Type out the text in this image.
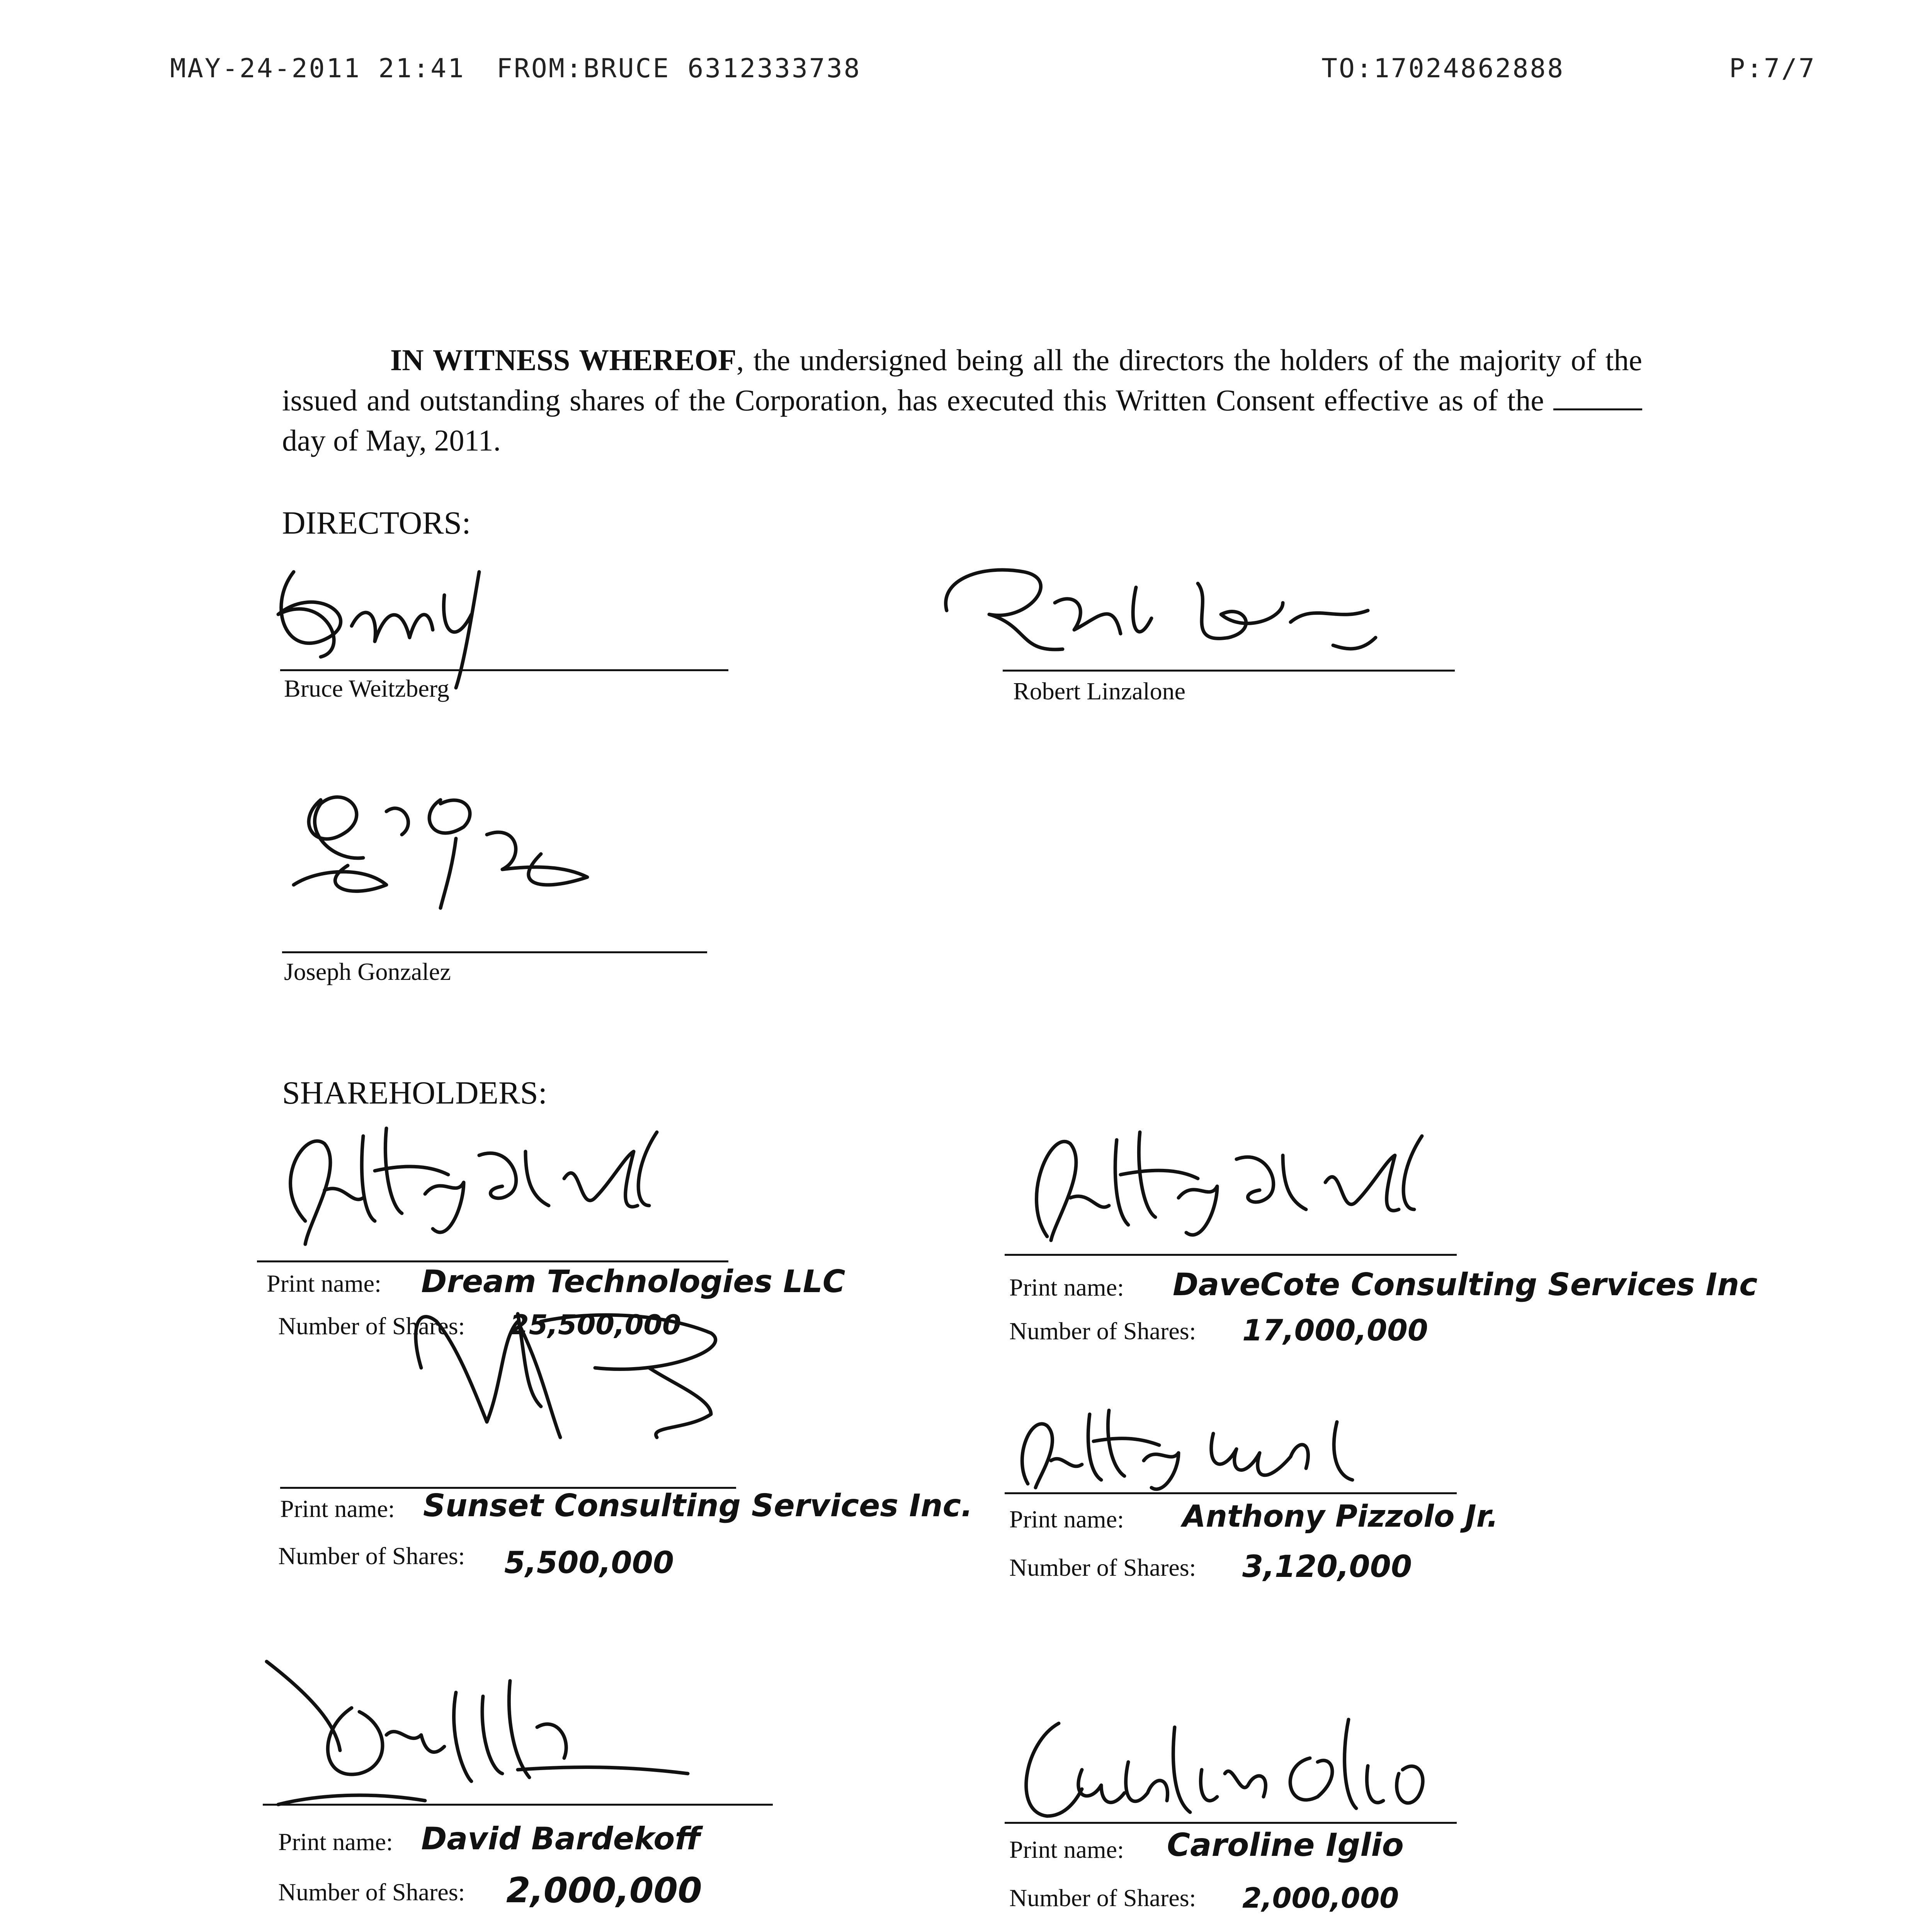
MAY-24-2011 21:41 FROM:BRUCE 6312333738	TO:17024862888	P:7/7
IN WITNESS WHEREOF, the undersigned being all the directors the holders of the majority of the issued and outstanding shares of the Corporation, has executed this Written Consent effective as of the day of May, 2011.
DIRECTORS:
Bruce Weitzberg	Robert Linzalone
Joseph Gonzalez
SHAREHOLDERS:
Print name: Dream Technologies LLC
Number of Shares: 25,500,000
Print name: DaveCote Consulting Services Inc
Number of Shares: 17,000,000
Print name: Sunset Consulting Services Inc.
Number of Shares: 5,500,000
Print name: Anthony Pizzolo Jr.
Number of Shares: 3,120,000
Print name: David Bardekoff
Number of Shares: 2,000,000
Print name: Caroline Iglio
Number of Shares: 2,000,000
